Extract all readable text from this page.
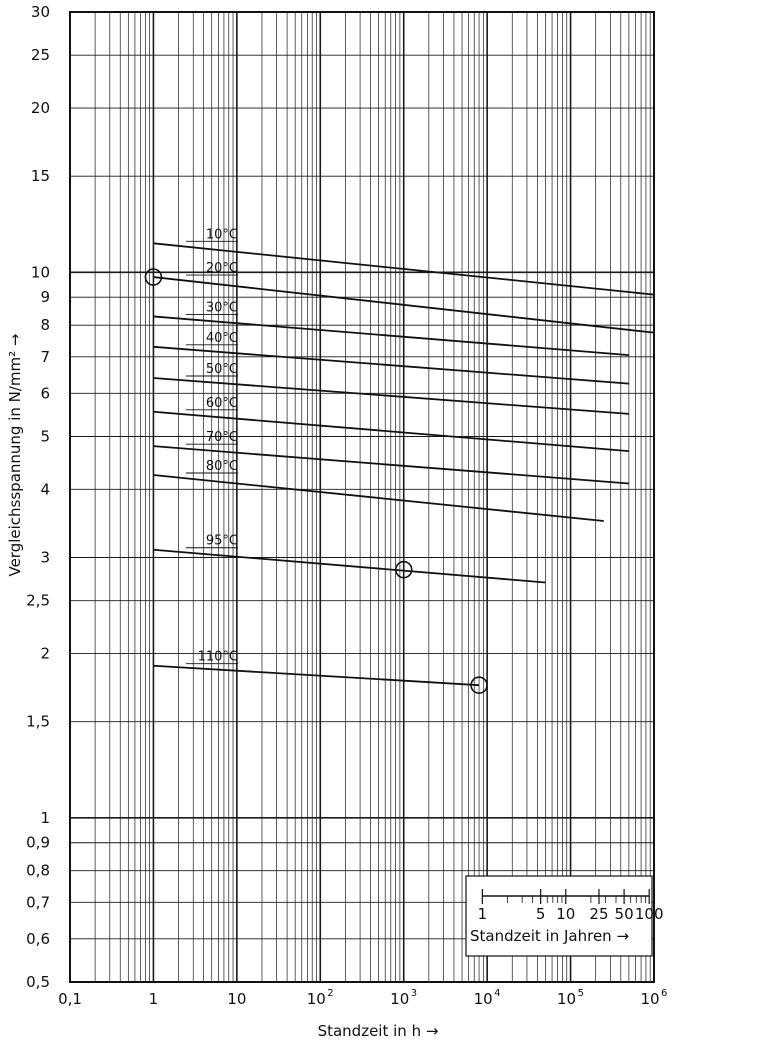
1	5 10 25 50 100
Standzeit in Jahren →
10°C
20°C
30°C
40°C
50°C
60°C
70°C
80°C
95°C
110°C
30
25
20
15
10
9
8
7
6
5
4
3
2,5
2
1,5
1
0,9
0,8
0,7
0,6
0,5
0,1	1	10	10 2	10 3	10 4	10 5	10 6
Standzeit in h →
Vergleichsspannung in N/mm² →
